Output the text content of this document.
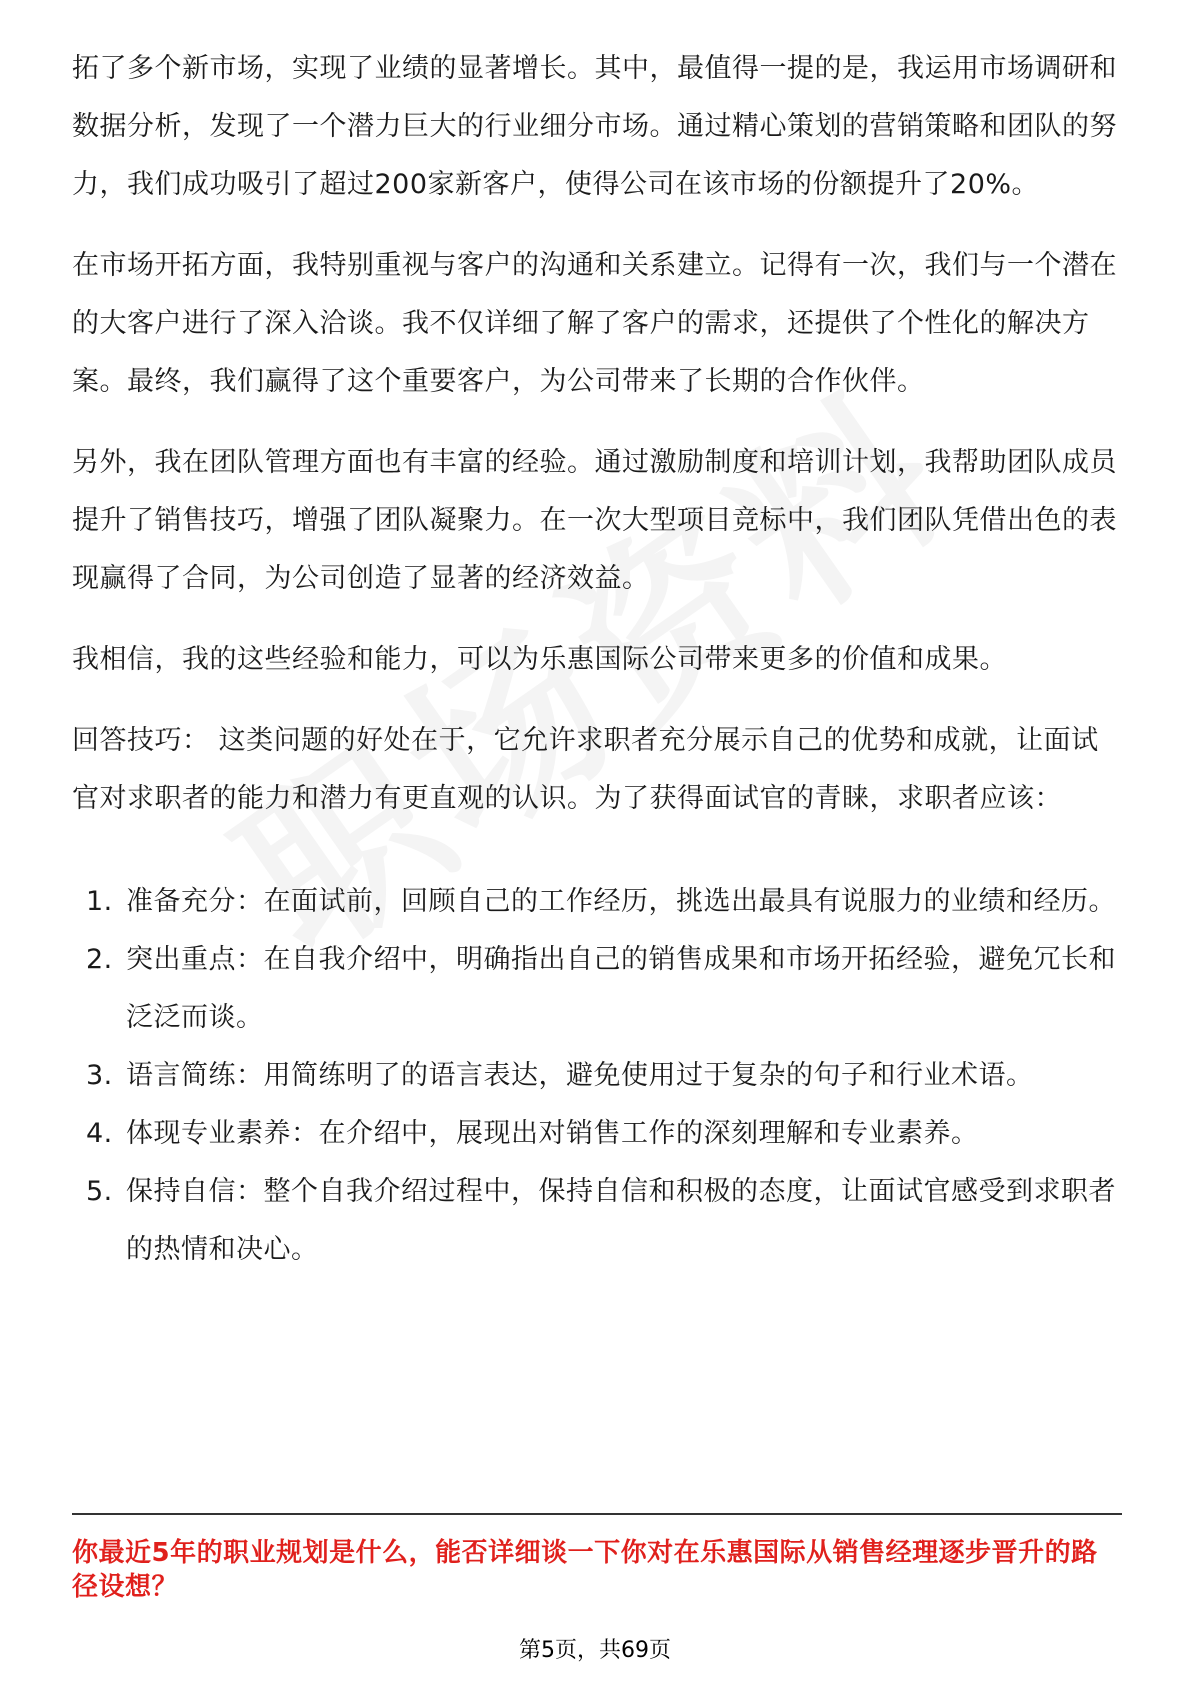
拓了多个新市场，实现了业绩的显著增长。其中，最值得一提的是，我运用市场调研和数据分析，发现了一个潜力巨大的行业细分市场。通过精心策划的营销策略和团队的努力，我们成功吸引了超过200家新客户，使得公司在该市场的份额提升了20%。

在市场开拓方面，我特别重视与客户的沟通和关系建立。记得有一次，我们与一个潜在的大客户进行了深入洽谈。我不仅详细了解了客户的需求，还提供了个性化的解决方案。最终，我们赢得了这个重要客户，为公司带来了长期的合作伙伴。

另外，我在团队管理方面也有丰富的经验。通过激励制度和培训计划，我帮助团队成员提升了销售技巧，增强了团队凝聚力。在一次大型项目竞标中，我们团队凭借出色的表现赢得了合同，为公司创造了显著的经济效益。

我相信，我的这些经验和能力，可以为乐惠国际公司带来更多的价值和成果。

回答技巧： 这类问题的好处在于，它允许求职者充分展示自己的优势和成就，让面试官对求职者的能力和潜力有更直观的认识。为了获得面试官的青睐，求职者应该：

1. 准备充分：在面试前，回顾自己的工作经历，挑选出最具有说服力的业绩和经历。
2. 突出重点：在自我介绍中，明确指出自己的销售成果和市场开拓经验，避免冗长和泛泛而谈。
3. 语言简练：用简练明了的语言表达，避免使用过于复杂的句子和行业术语。
4. 体现专业素养：在介绍中，展现出对销售工作的深刻理解和专业素养。
5. 保持自信：整个自我介绍过程中，保持自信和积极的态度，让面试官感受到求职者的热情和决心。
你最近5年的职业规划是什么，能否详细谈一下你对在乐惠国际从销售经理逐步晋升的路径设想？
第5页，共69页
